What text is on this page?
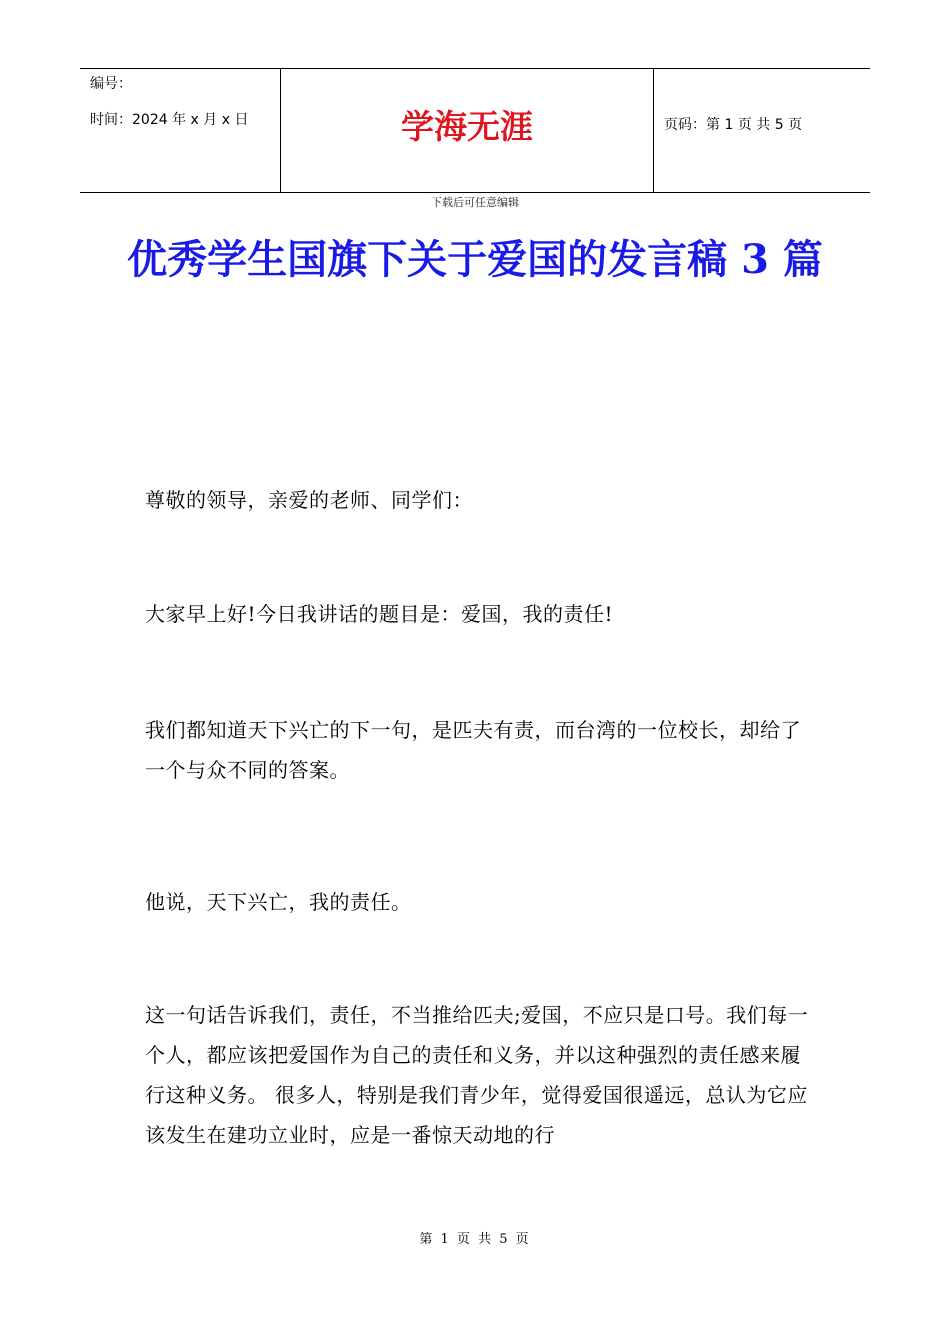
编号：
时间：2024 年 x 月 x 日	学海无涯	页码：第 1 页 共 5 页
下载后可任意编辑
优秀学生国旗下关于爱国的发言稿 3 篇
尊敬的领导，亲爱的老师、同学们：
大家早上好!今日我讲话的题目是：爱国，我的责任!
我们都知道天下兴亡的下一句，是匹夫有责，而台湾的一位校长，却给了一个与众不同的答案。
他说，天下兴亡，我的责任。
这一句话告诉我们，责任，不当推给匹夫;爱国，不应只是口号。我们每一个人，都应该把爱国作为自己的责任和义务，并以这种强烈的责任感来履行这种义务。 很多人，特别是我们青少年，觉得爱国很遥远，总认为它应该发生在建功立业时，应是一番惊天动地的行
第 1 页 共 5 页
